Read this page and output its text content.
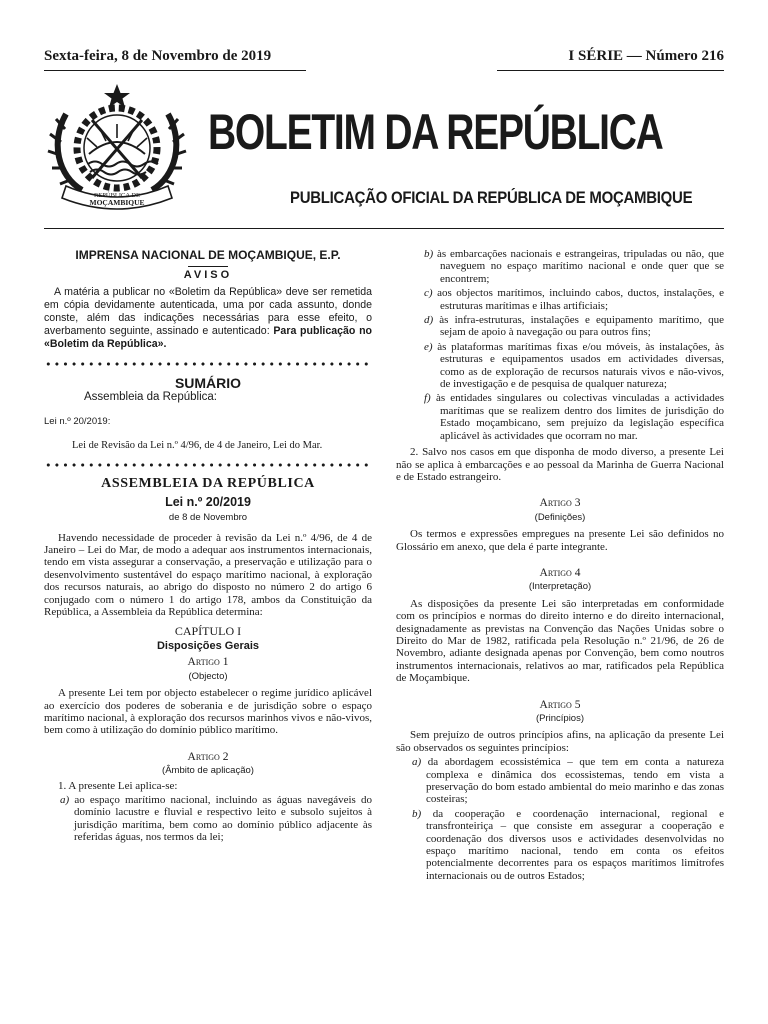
Sexta-feira, 8 de Novembro de 2019	I SÉRIE — Número 216
REPÚBLICA DE
MOÇAMBIQUE
BOLETIM DA REPÚBLICA
PUBLICAÇÃO OFICIAL DA REPÚBLICA DE MOÇAMBIQUE
IMPRENSA NACIONAL DE MOÇAMBIQUE, E.P.
AVISO
A matéria a publicar no «Boletim da República» deve ser remetida em cópia devidamente autenticada, uma por cada assunto, donde conste, além das indicações necessárias para esse efeito, o averbamento seguinte, assinado e autenticado: Para publicação no «Boletim da República».
SUMÁRIO
Assembleia da República:
Lei n.º 20/2019:
Lei de Revisão da Lei n.º 4/96, de 4 de Janeiro, Lei do Mar.
ASSEMBLEIA DA REPÚBLICA
Lei n.º 20/2019
de 8 de Novembro
Havendo necessidade de proceder à revisão da Lei n.º 4/96, de 4 de Janeiro – Lei do Mar, de modo a adequar aos instrumentos internacionais, tendo em vista assegurar a conservação, a preservação e utilização para o desenvolvimento sustentável do espaço marítimo nacional, à exploração dos recursos naturais, ao abrigo do disposto no número 2 do artigo 6 conjugado com o número 1 do artigo 178, ambos da Constituição da República, a Assembleia da República determina:
CAPÍTULO I
Disposições Gerais
Artigo 1
(Objecto)
A presente Lei tem por objecto estabelecer o regime jurídico aplicável ao exercício dos poderes de soberania e de jurisdição sobre o espaço marítimo nacional, à exploração dos recursos marinhos vivos e não-vivos, bem como à utilização do domínio público marítimo.
Artigo 2
(Âmbito de aplicação)
1. A presente Lei aplica-se:
a) ao espaço marítimo nacional, incluindo as águas navegáveis do domínio lacustre e fluvial e respectivo leito e subsolo sujeitos à jurisdição marítima, bem como ao domínio público adjacente às referidas águas, nos termos da lei;
b) às embarcações nacionais e estrangeiras, tripuladas ou não, que naveguem no espaço marítimo nacional e onde quer que se encontrem;
c) aos objectos marítimos, incluindo cabos, ductos, instalações, e estruturas marítimas e ilhas artificiais;
d) às infra-estruturas, instalações e equipamento marítimo, que sejam de apoio à navegação ou para outros fins;
e) às plataformas marítimas fixas e/ou móveis, às instalações, às estruturas e equipamentos usados em actividades diversas, como as de exploração de recursos naturais vivos e não-vivos, de investigação e de pesquisa de qualquer natureza;
f) às entidades singulares ou colectivas vinculadas a actividades marítimas que se realizem dentro dos limites de jurisdição do Estado moçambicano, sem prejuízo da legislação específica aplicável às actividades que ocorram no mar.
2. Salvo nos casos em que disponha de modo diverso, a presente Lei não se aplica à embarcações e ao pessoal da Marinha de Guerra Nacional e de Estado estrangeiro.
Artigo 3
(Definições)
Os termos e expressões empregues na presente Lei são definidos no Glossário em anexo, que dela é parte integrante.
Artigo 4
(Interpretação)
As disposições da presente Lei são interpretadas em conformidade com os princípios e normas do direito interno e do direito internacional, designadamente as previstas na Convenção das Nações Unidas sobre o Direito do Mar de 1982, ratificada pela Resolução n.º 21/96, de 26 de Novembro, adiante designada apenas por Convenção, bem como noutros instrumentos internacionais, relativos ao mar, ratificados pela República de Moçambique.
Artigo 5
(Princípios)
Sem prejuízo de outros princípios afins, na aplicação da presente Lei são observados os seguintes princípios:
a) da abordagem ecossistémica – que tem em conta a natureza complexa e dinâmica dos ecossistemas, tendo em vista a preservação do bom estado ambiental do meio marinho e das zonas costeiras;
b) da cooperação e coordenação internacional, regional e transfronteiriça – que consiste em assegurar a cooperação e coordenação dos diversos usos e actividades desenvolvidas no espaço marítimo nacional, tendo em conta os efeitos potencialmente decorrentes para os espaços marítimos limítrofes internacionais ou de outros Estados;
